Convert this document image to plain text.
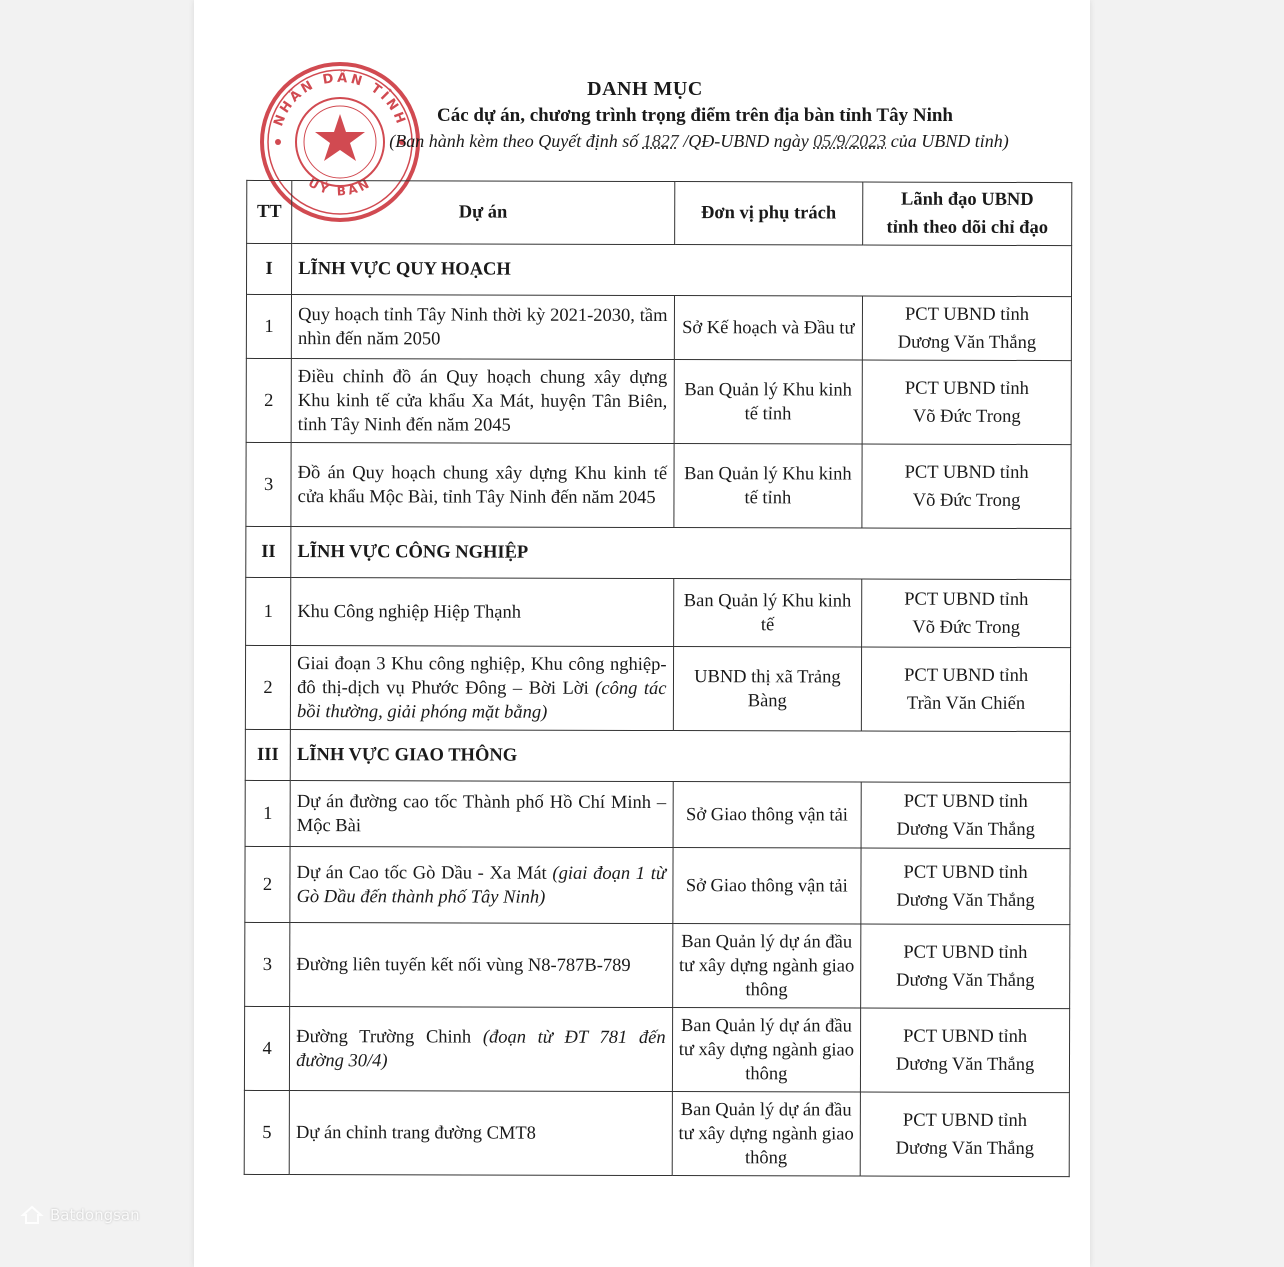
NHÂN DÂN TỈNH
UỶ BAN
DANH MỤC
Các dự án, chương trình trọng điểm trên địa bàn tỉnh Tây Ninh
(Ban hành kèm theo Quyết định số 1827 /QĐ-UBND ngày 05/9/2023 của UBND tỉnh)
TT	Dự án	Đơn vị phụ trách	Lãnh đạo UBND
tỉnh theo dõi chỉ đạo
I	LĨNH VỰC QUY HOẠCH		
1	Quy hoạch tỉnh Tây Ninh thời kỳ 2021-2030, tầm nhìn đến năm 2050	Sở Kế hoạch và Đầu tư	PCT UBND tỉnh
Dương Văn Thắng
2	Điều chỉnh đồ án Quy hoạch chung xây dựng Khu kinh tế cửa khẩu Xa Mát, huyện Tân Biên, tỉnh Tây Ninh đến năm 2045	Ban Quản lý Khu kinh tế tỉnh	PCT UBND tỉnh
Võ Đức Trong
3	Đồ án Quy hoạch chung xây dựng Khu kinh tế cửa khẩu Mộc Bài, tỉnh Tây Ninh đến năm 2045	Ban Quản lý Khu kinh tế tỉnh	PCT UBND tỉnh
Võ Đức Trong
II	LĨNH VỰC CÔNG NGHIỆP		
1	Khu Công nghiệp Hiệp Thạnh	Ban Quản lý Khu kinh tế	PCT UBND tỉnh
Võ Đức Trong
2	Giai đoạn 3 Khu công nghiệp, Khu công nghiệp-đô thị-dịch vụ Phước Đông – Bời Lời (công tác bồi thường, giải phóng mặt bằng)	UBND thị xã Trảng Bàng	PCT UBND tỉnh
Trần Văn Chiến
III	LĨNH VỰC GIAO THÔNG		
1	Dự án đường cao tốc Thành phố Hồ Chí Minh – Mộc Bài	Sở Giao thông vận tải	PCT UBND tỉnh
Dương Văn Thắng
2	Dự án Cao tốc Gò Dầu - Xa Mát (giai đoạn 1 từ Gò Dầu đến thành phố Tây Ninh)	Sở Giao thông vận tải	PCT UBND tỉnh
Dương Văn Thắng
3	Đường liên tuyến kết nối vùng N8-787B-789	Ban Quản lý dự án đầu tư xây dựng ngành giao thông	PCT UBND tỉnh
Dương Văn Thắng
4	Đường Trường Chinh (đoạn từ ĐT 781 đến đường 30/4)	Ban Quản lý dự án đầu tư xây dựng ngành giao thông	PCT UBND tỉnh
Dương Văn Thắng
5	Dự án chỉnh trang đường CMT8	Ban Quản lý dự án đầu tư xây dựng ngành giao thông	PCT UBND tỉnh
Dương Văn Thắng
Batdongsan
